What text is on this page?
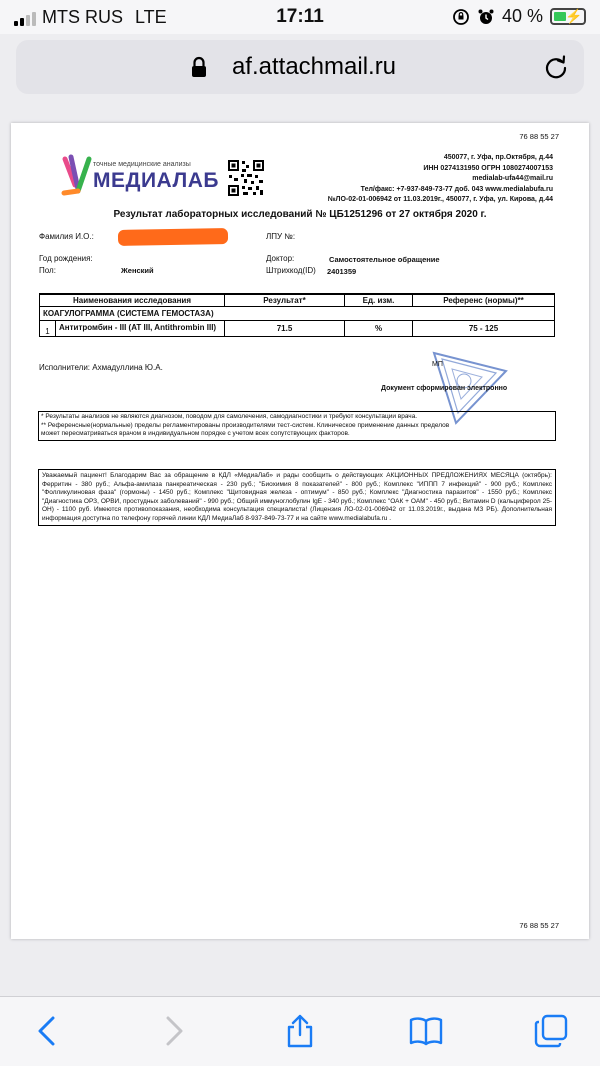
MTS RUS LTE	17:11	40 % ⚡
af.attachmail.ru
76 88 55 27
точные медицинские анализы
МЕДИАЛАБ
450077, г. Уфа, пр.Октября, д.44
ИНН 0274131950 ОГРН 1080274007153
medialab-ufa44@mail.ru
Тел/факс: +7-937-849-73-77 доб. 043 www.medialabufa.ru
№ЛО-02-01-006942 от 11.03.2019г., 450077, г. Уфа, ул. Кирова, д.44
Результат лабораторных исследований № ЦБ1251296 от 27 октября 2020 г.
Фамилия И.О.:	ЛПУ №:
Год рождения:	Доктор:	Самостоятельное обращение
Пол:	Женский	Штрихкод(ID) 2401359
Наименования исследования	Результат*	Ед. изм.	Референс (нормы)**
КОАГУЛОГРАММА (СИСТЕМА ГЕМОСТАЗА)			

1 Антитромбин - III (AT III, Antithrombin III)	71.5	%	75 - 125
Исполнители: Ахмадуллина Ю.А.	МП
Документ сформирован электронно
* Результаты анализов не являются диагнозом, поводом для самолечения, самодиагностики и требуют консультации врача.
** Референсные(нормальные) пределы регламентированы производителями тест-систем. Клиническое применение данных пределов
может пересматриваться врачом в индивидуальном порядке с учетом всех сопутствующих факторов.
Уважаемый пациент! Благодарим Вас за обращение в КДЛ «МедиаЛаб» и рады сообщить о действующих АКЦИОННЫХ ПРЕДЛОЖЕНИЯХ МЕСЯЦА (октябрь): Ферритин - 380 руб.; Альфа-амилаза панкреатическая - 230 руб.; "Биохимия 8 показателей" - 800 руб.; Комплекс "ИППП 7 инфекций" - 900 руб.; Комплекс "Фолликулиновая фаза" (гормоны) - 1450 руб.; Комплекс "Щитовидная железа - оптимум" - 850 руб.; Комплекс "Диагностика паразитов" - 1550 руб.; Комплекс "Диагностика ОРЗ, ОРВИ, простудных заболеваний" - 990 руб.; Общий иммуноглобулин IgE - 340 руб.; Комплекс "ОАК + ОАМ" - 450 руб.; Витамин D (кальциферол 25-OH) - 1100 руб. Имеются противопоказания, необходима консультация специалиста! (Лицензия ЛО-02-01-006942 от 11.03.2019г., выдана МЗ РБ). Дополнительная информация доступна по телефону горячей линии КДЛ МедиаЛаб 8-937-849-73-77 и на сайте www.medialabufa.ru .
76 88 55 27
